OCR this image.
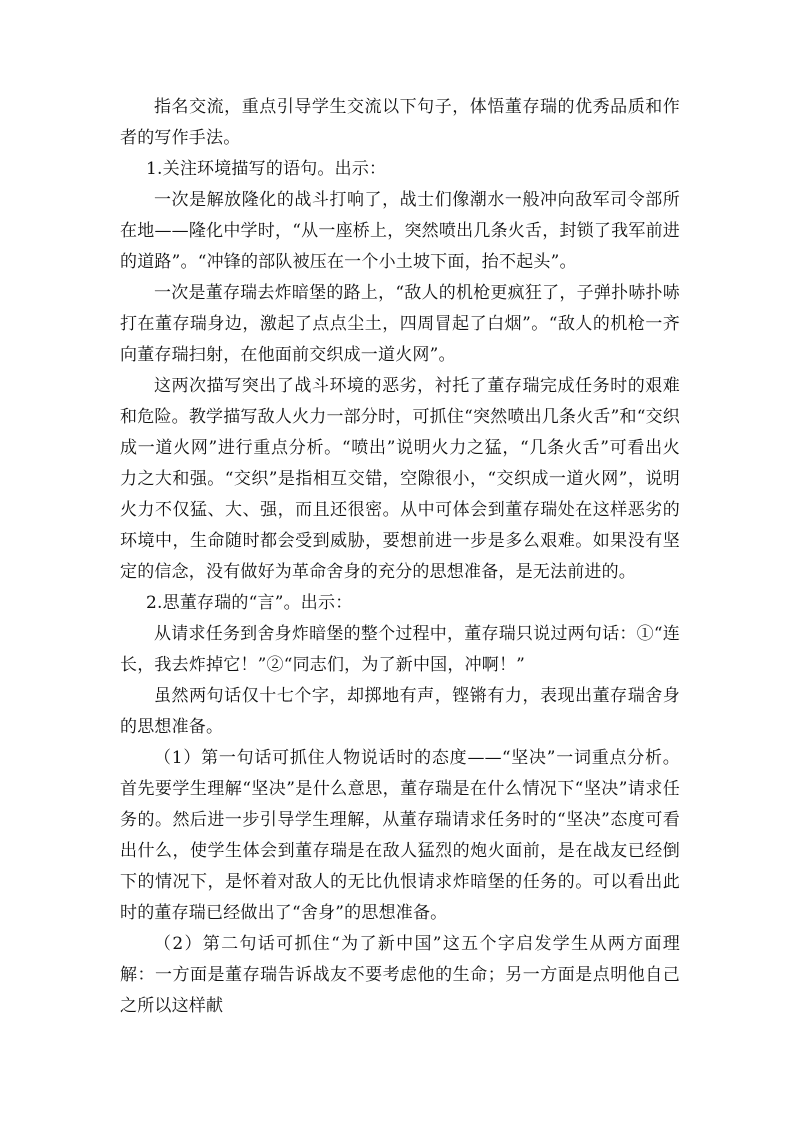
指名交流，重点引导学生交流以下句子，体悟董存瑞的优秀品质和作者的写作手法。

1.关注环境描写的语句。出示：

一次是解放隆化的战斗打响了，战士们像潮水一般冲向敌军司令部所在地——隆化中学时，“从一座桥上，突然喷出几条火舌，封锁了我军前进的道路”。“冲锋的部队被压在一个小土坡下面，抬不起头”。

一次是董存瑞去炸暗堡的路上，“敌人的机枪更疯狂了，子弹扑哧扑哧打在董存瑞身边，激起了点点尘土，四周冒起了白烟”。“敌人的机枪一齐向董存瑞扫射，在他面前交织成一道火网”。

这两次描写突出了战斗环境的恶劣，衬托了董存瑞完成任务时的艰难和危险。教学描写敌人火力一部分时，可抓住“突然喷出几条火舌”和“交织成一道火网”进行重点分析。“喷出”说明火力之猛，“几条火舌”可看出火力之大和强。“交织”是指相互交错，空隙很小，“交织成一道火网”，说明火力不仅猛、大、强，而且还很密。从中可体会到董存瑞处在这样恶劣的环境中，生命随时都会受到威胁，要想前进一步是多么艰难。如果没有坚定的信念，没有做好为革命舍身的充分的思想准备，是无法前进的。

2.思董存瑞的“言”。出示：

从请求任务到舍身炸暗堡的整个过程中，董存瑞只说过两句话：①“连长，我去炸掉它！”②“同志们，为了新中国，冲啊！”

虽然两句话仅十七个字，却掷地有声，铿锵有力，表现出董存瑞舍身的思想准备。

（1）第一句话可抓住人物说话时的态度——“坚决”一词重点分析。首先要学生理解“坚决”是什么意思，董存瑞是在什么情况下“坚决”请求任务的。然后进一步引导学生理解，从董存瑞请求任务时的“坚决”态度可看出什么，使学生体会到董存瑞是在敌人猛烈的炮火面前，是在战友已经倒下的情况下，是怀着对敌人的无比仇恨请求炸暗堡的任务的。可以看出此时的董存瑞已经做出了“舍身”的思想准备。

（2）第二句话可抓住“为了新中国”这五个字启发学生从两方面理解：一方面是董存瑞告诉战友不要考虑他的生命；另一方面是点明他自己之所以这样献
